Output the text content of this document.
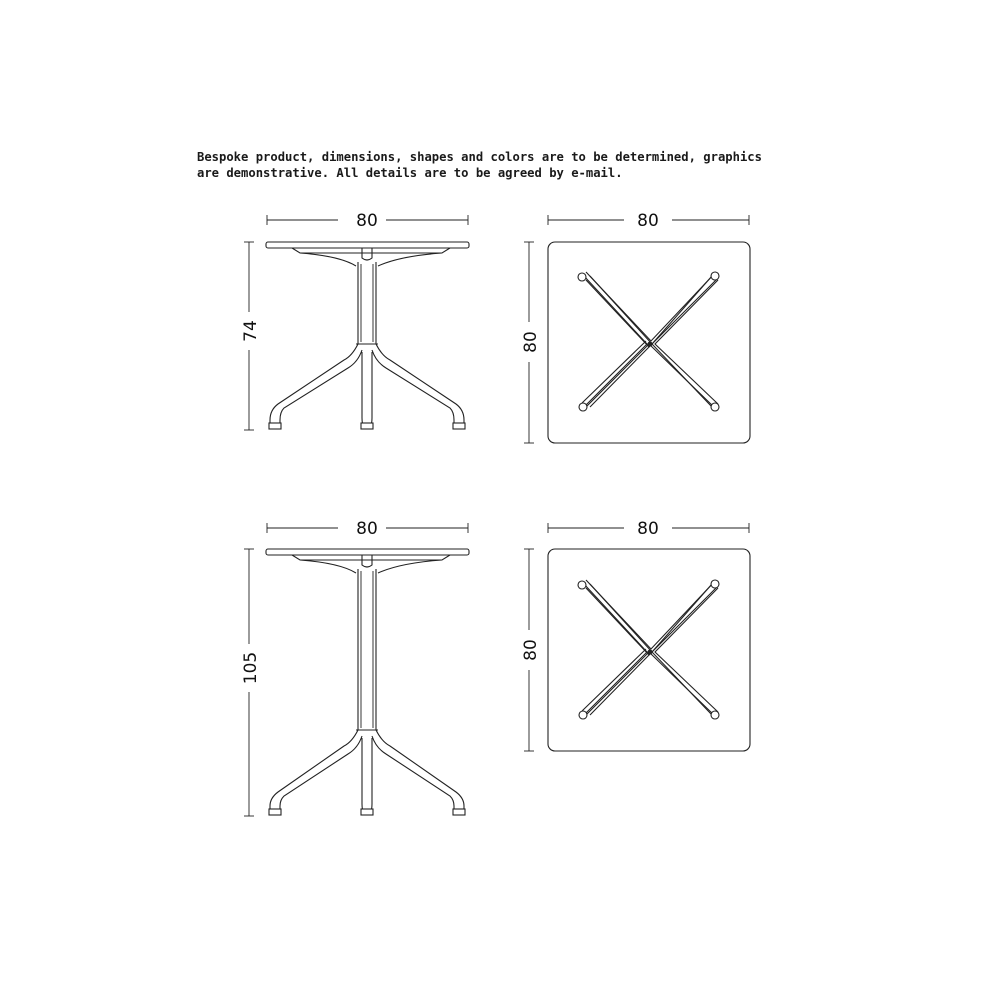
Bespoke product, dimensions, shapes and colors are to be determined, graphics
are demonstrative. All details are to be agreed by e-mail.

80
74
80
80
80
105
80
80
